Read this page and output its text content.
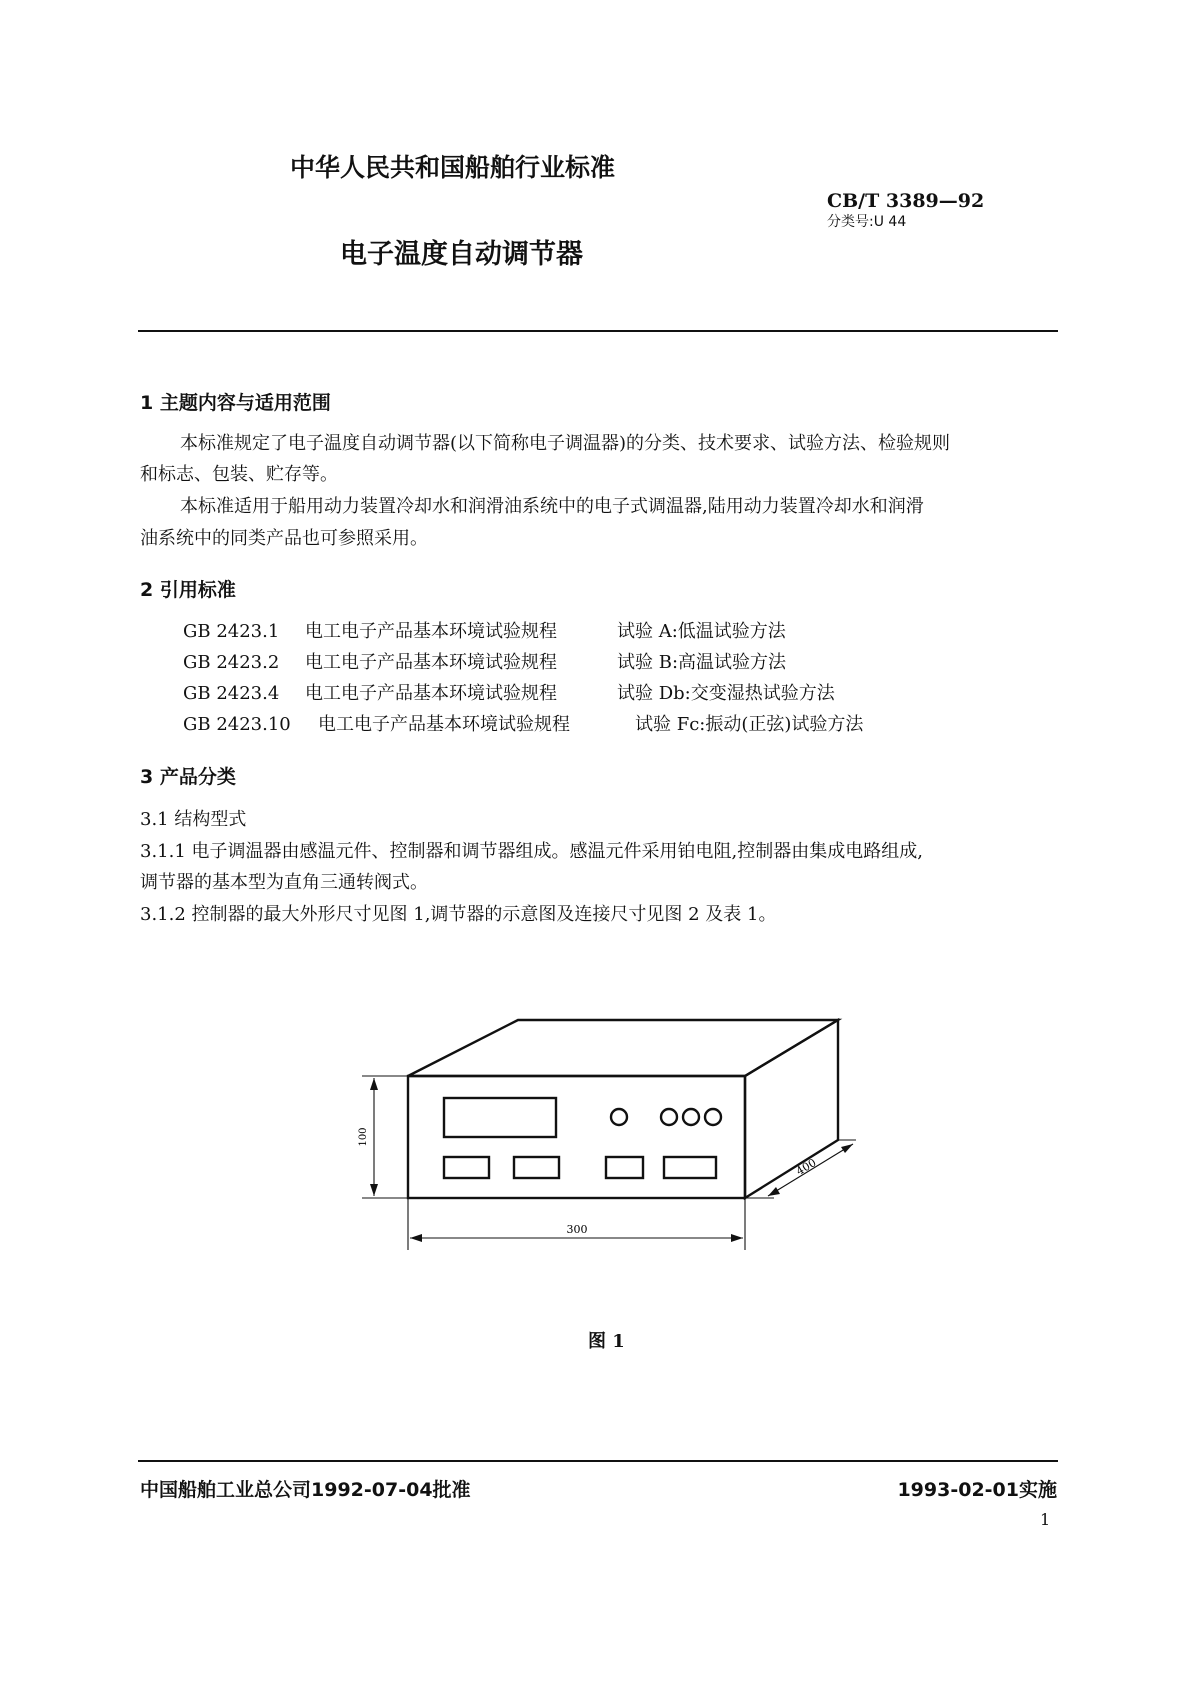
中华人民共和国船舶行业标准
CB/T 3389—92
分类号:U 44
电子温度自动调节器
1 主题内容与适用范围
本标准规定了电子温度自动调节器(以下简称电子调温器)的分类、技术要求、试验方法、检验规则
和标志、包装、贮存等。
本标准适用于船用动力装置冷却水和润滑油系统中的电子式调温器,陆用动力装置冷却水和润滑
油系统中的同类产品也可参照采用。
2 引用标准
GB 2423.1 电工电子产品基本环境试验规程	试验 A:低温试验方法
GB 2423.2 电工电子产品基本环境试验规程	试验 B:高温试验方法
GB 2423.4 电工电子产品基本环境试验规程	试验 Db:交变湿热试验方法
GB 2423.10 电工电子产品基本环境试验规程	试验 Fc:振动(正弦)试验方法
3 产品分类
3.1 结构型式
3.1.1 电子调温器由感温元件、控制器和调节器组成。感温元件采用铂电阻,控制器由集成电路组成,
调节器的基本型为直角三通转阀式。
3.1.2 控制器的最大外形尺寸见图 1,调节器的示意图及连接尺寸见图 2 及表 1。
100
300
400
图 1
中国船舶工业总公司1992-07-04批准	1993-02-01实施
1
